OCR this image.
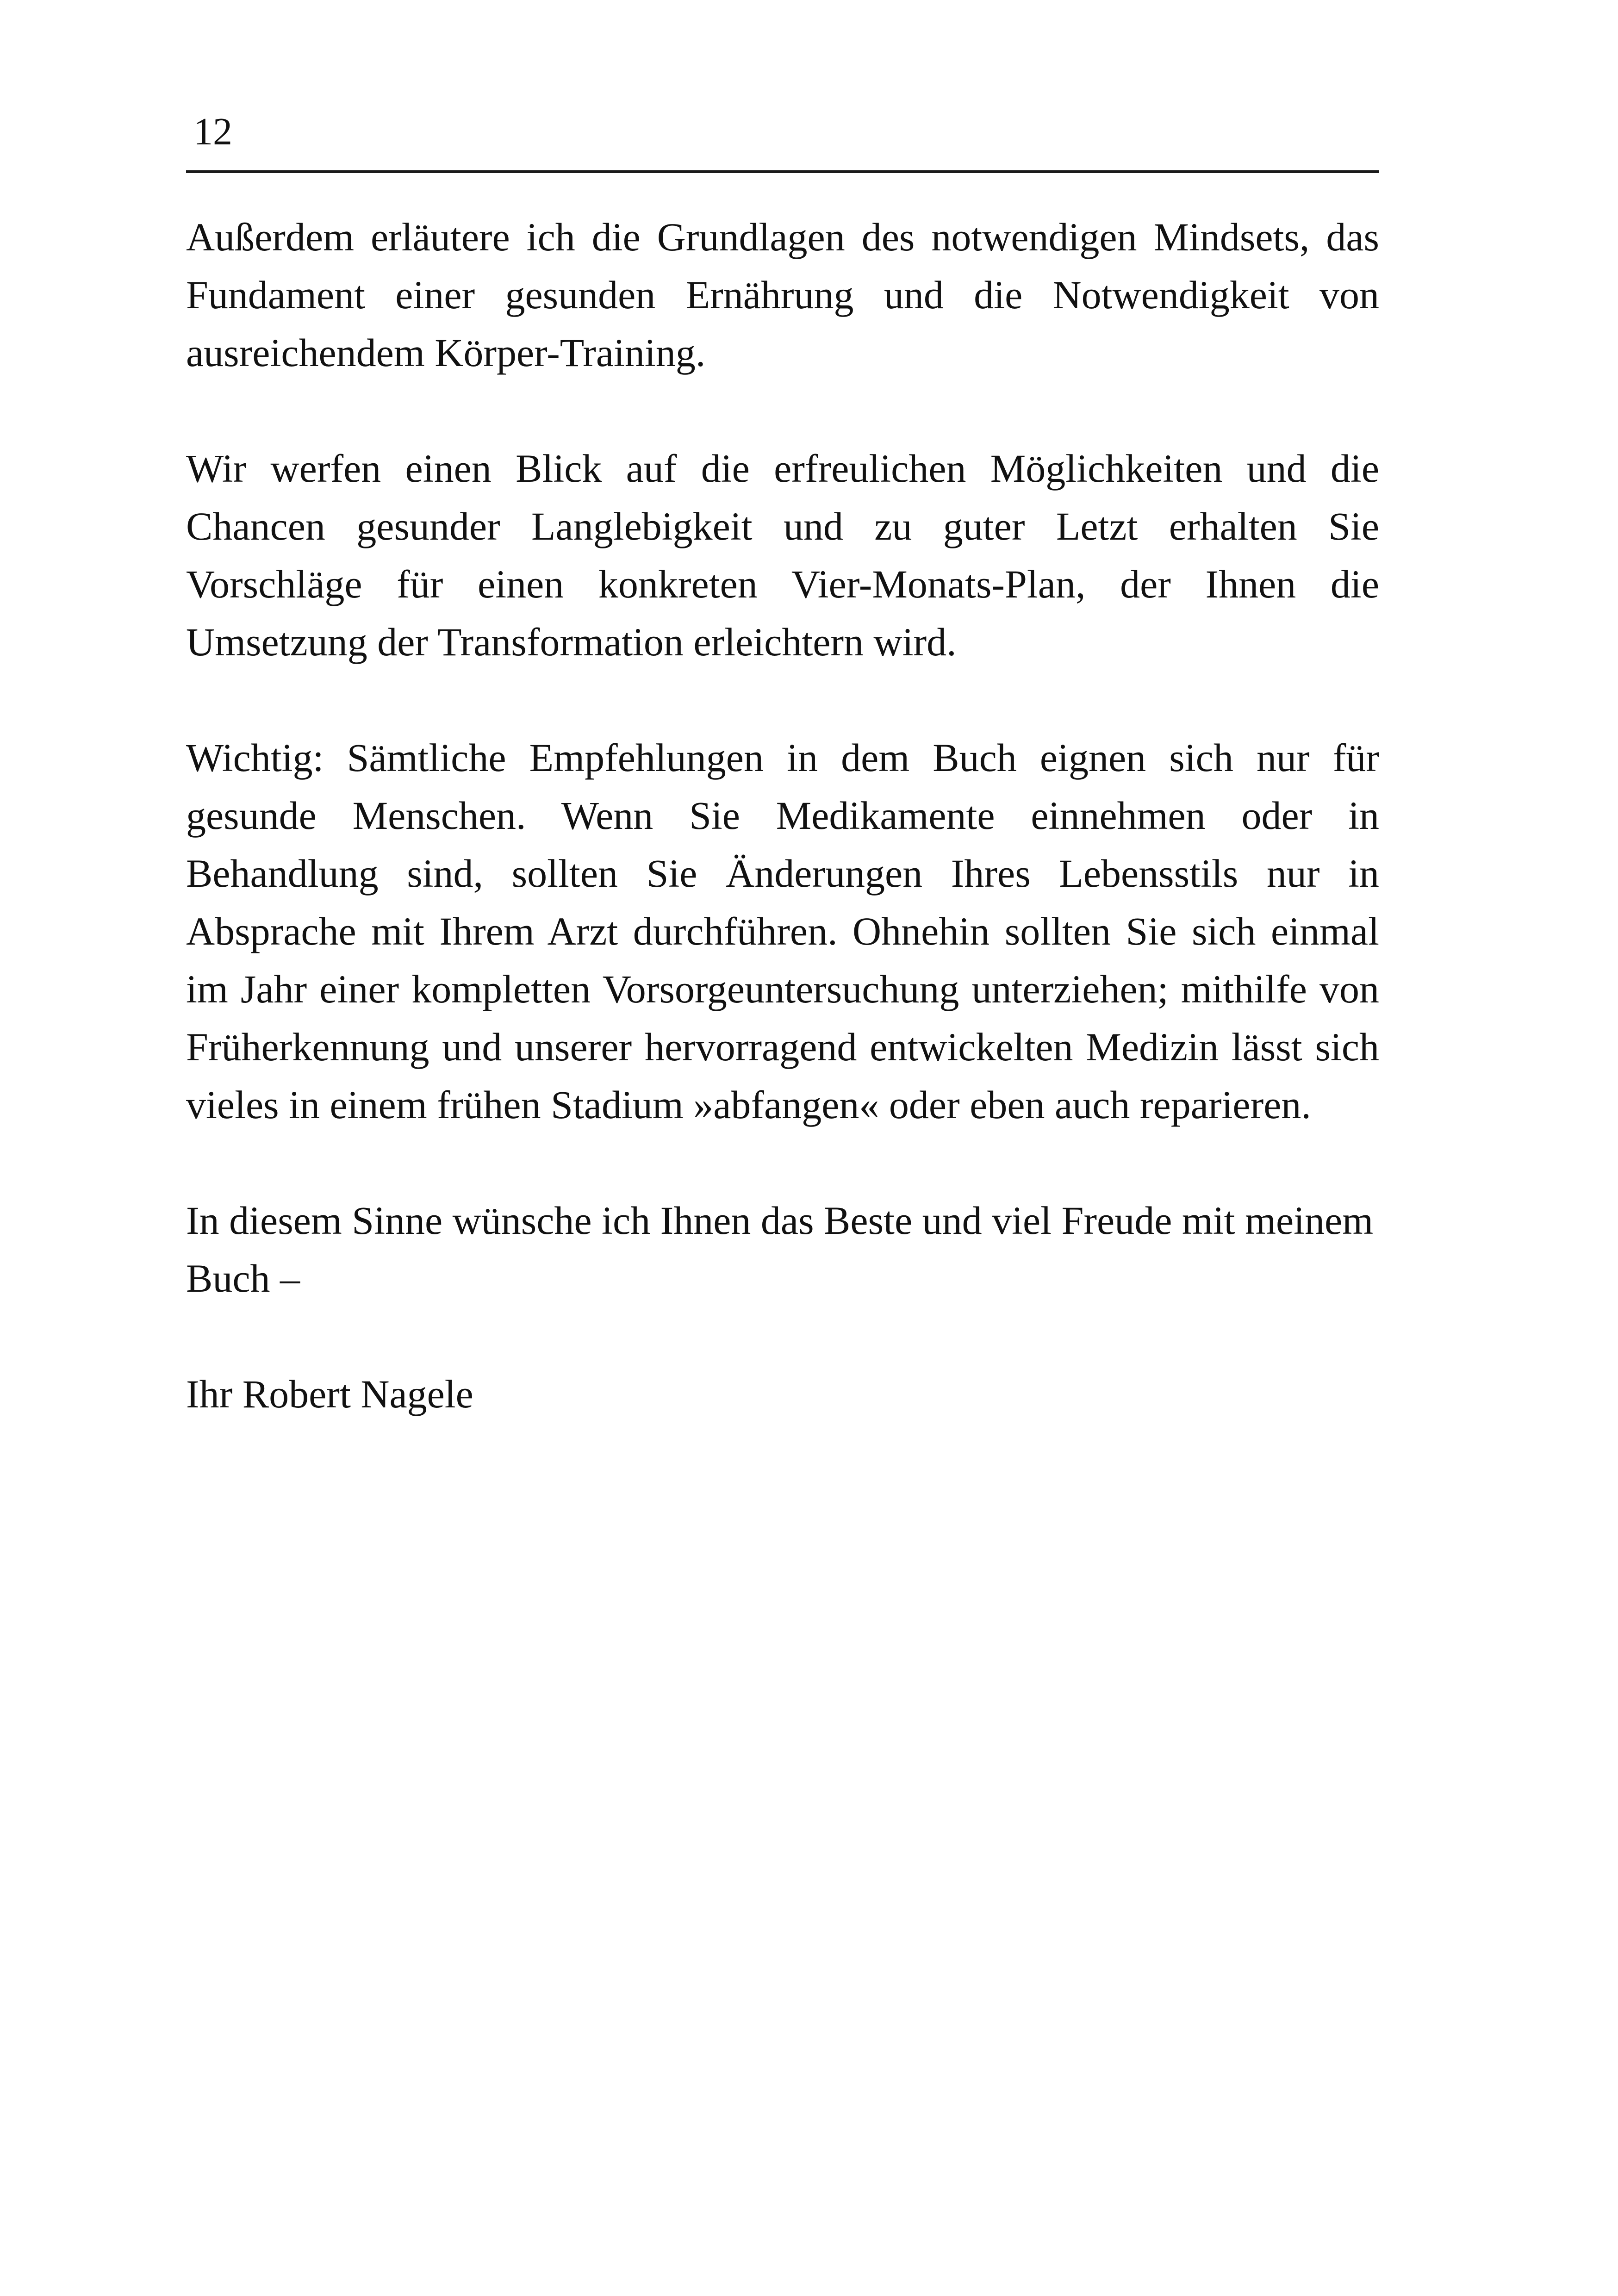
12

Außerdem erläutere ich die Grundlagen des notwendigen Mindsets, das Fundament einer gesunden Ernährung und die Notwendigkeit von ausreichendem Körper-Training.

Wir werfen einen Blick auf die erfreulichen Möglichkeiten und die Chancen gesunder Langlebigkeit und zu guter Letzt erhalten Sie Vorschläge für einen konkreten Vier-Monats-Plan, der Ihnen die Umsetzung der Transformation erleichtern wird.

Wichtig: Sämtliche Empfehlungen in dem Buch eignen sich nur für gesunde Menschen. Wenn Sie Medikamente einnehmen oder in Behandlung sind, sollten Sie Änderungen Ihres Lebensstils nur in Absprache mit Ihrem Arzt durchführen. Ohnehin sollten Sie sich einmal im Jahr einer kompletten Vorsorgeuntersuchung unterziehen; mithilfe von Früherkennung und unserer hervorragend entwickelten Medizin lässt sich vieles in einem frühen Stadium »abfangen« oder eben auch reparieren.

In diesem Sinne wünsche ich Ihnen das Beste und viel Freude mit meinem Buch –

Ihr Robert Nagele
